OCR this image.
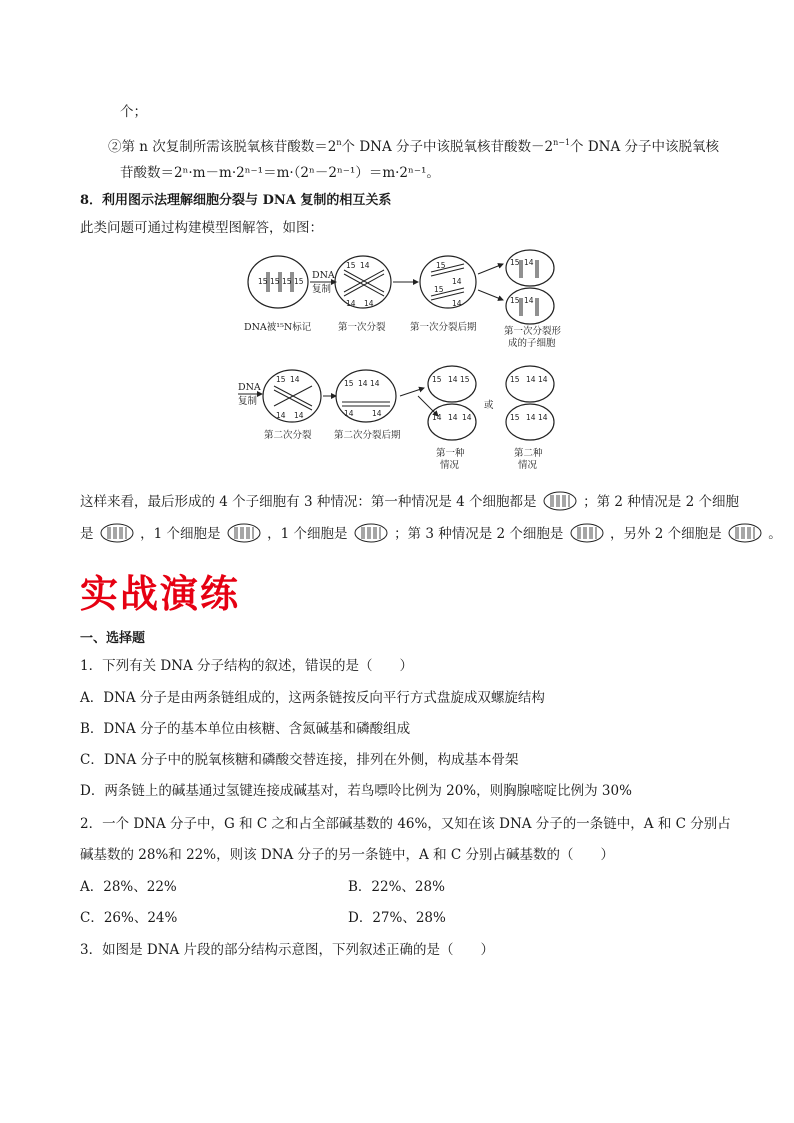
个；
②第 n 次复制所需该脱氧核苷酸数$=2^n$个 DNA 分子中该脱氧核苷酸数$-2^{n-1}$个 DNA 分子中该脱氧核
苷酸数＝2ⁿ·m－m·2ⁿ⁻¹＝m·（2ⁿ－2ⁿ⁻¹）＝m·2ⁿ⁻¹。
8．利用图示法理解细胞分裂与 DNA 复制的相互关系
此类问题可通过构建模型图解答，如图：
15 15 15 15
DNA
复制
15 14
14 14
15
14
15
14
15 14
15 14
DNA被¹⁵N标记	第一次分裂	第一次分裂后期	第一次分裂形
成的子细胞
DNA
复制
15 14
14 14
15 14 14
14 14
15 14 15
14 14 14
或
15 14 14
15 14 14
第二次分裂 第二次分裂后期
第一种
情况
第二种
情况
这样来看，最后形成的 4 个子细胞有 3 种情况：第一种情况是 4 个细胞都是	；第 2 种情况是 2 个细胞
是	，1 个细胞是	，1 个细胞是	；第 3 种情况是 2 个细胞是	，另外 2 个细胞是	。
实战演练
一、选择题
1．下列有关 DNA 分子结构的叙述，错误的是（　　）
A．DNA 分子是由两条链组成的，这两条链按反向平行方式盘旋成双螺旋结构
B．DNA 分子的基本单位由核糖、含氮碱基和磷酸组成
C．DNA 分子中的脱氧核糖和磷酸交替连接，排列在外侧，构成基本骨架
D．两条链上的碱基通过氢键连接成碱基对，若鸟嘌呤比例为 20%，则胸腺嘧啶比例为 30%
2．一个 DNA 分子中，G 和 C 之和占全部碱基数的 46%，又知在该 DNA 分子的一条链中，A 和 C 分别占
碱基数的 28%和 22%，则该 DNA 分子的另一条链中，A 和 C 分别占碱基数的（　　）
A．28%、22%	B．22%、28%
C．26%、24%	D．27%、28%
3．如图是 DNA 片段的部分结构示意图，下列叙述正确的是（　　）
